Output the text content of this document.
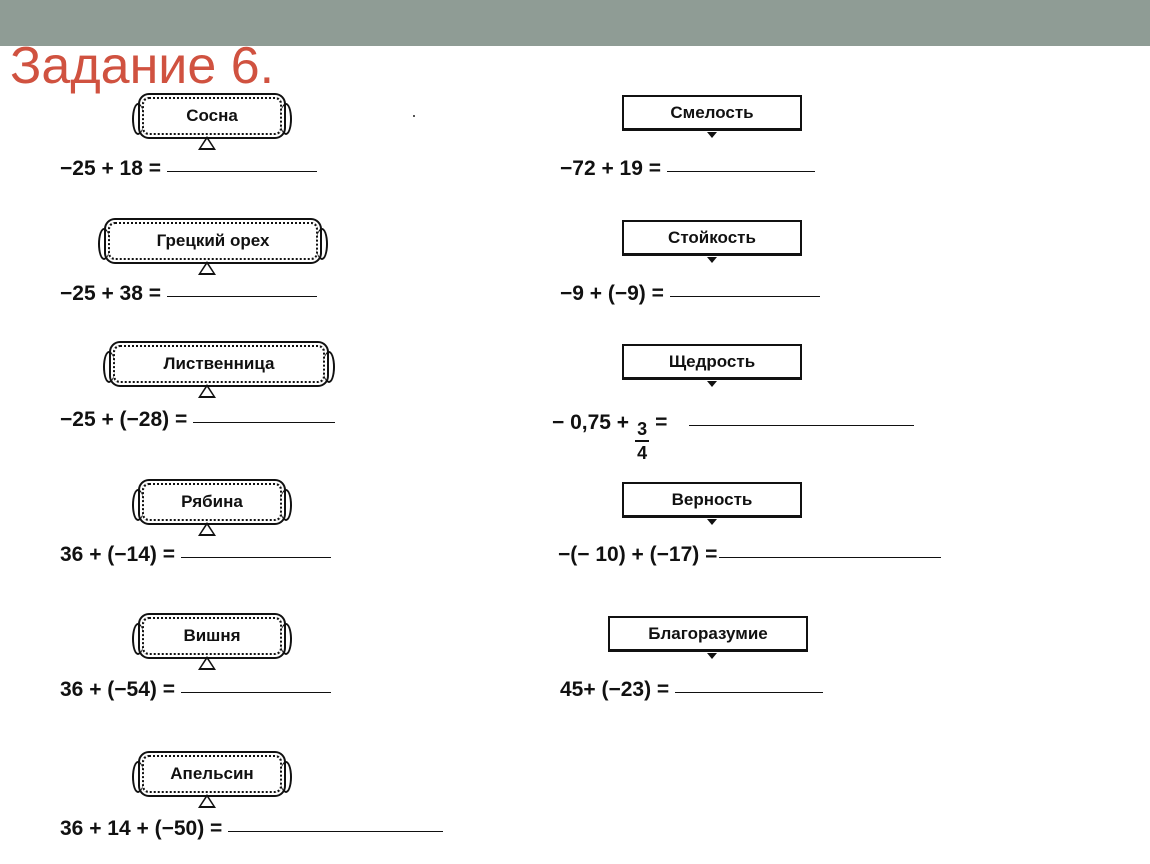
Задание 6.
Сосна
−25 + 18 =
Грецкий орех
−25 + 38 =
Лиственница
−25 + (−28) =
Рябина
36 + (−14) =
Вишня
36 + (−54) =
Апельсин
36 + 14 + (−50) =
Смелость
−72 + 19 =
Стойкость
−9 + (−9) =
Щедрость
− $0,75 + \frac{3}{4}$ =
Верность
−(− 10) + (−17) =
Благоразумие
45+ (−23) =
